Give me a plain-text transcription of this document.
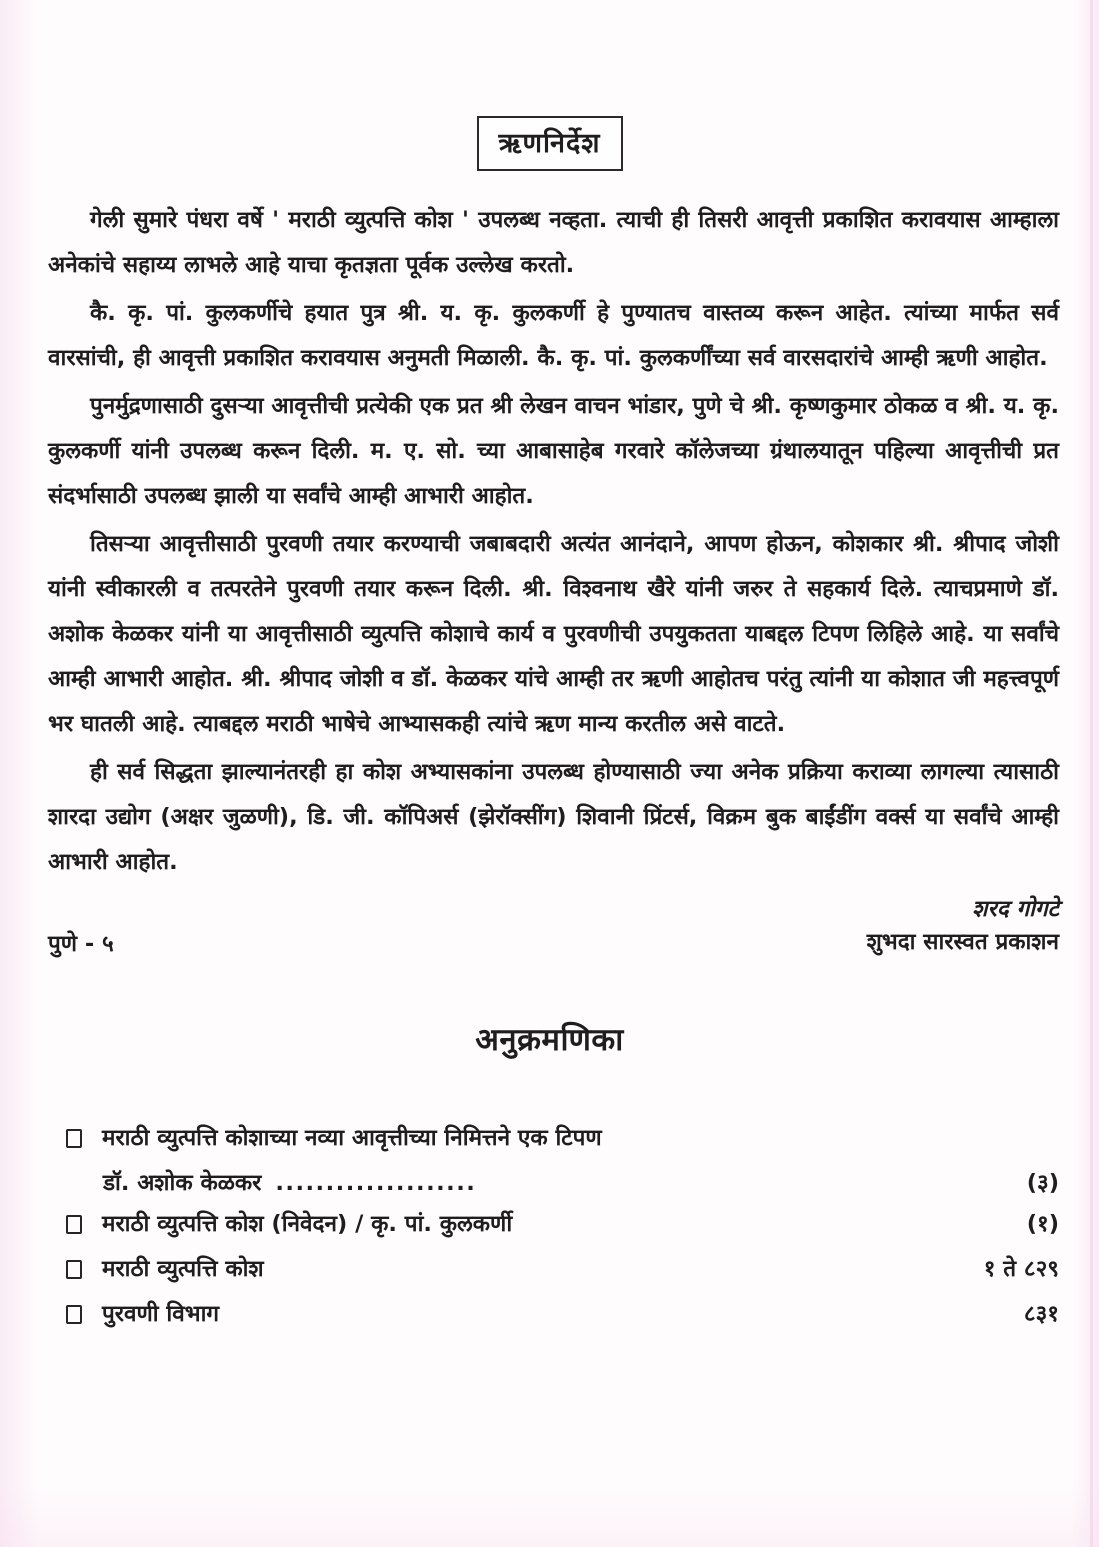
ऋणनिर्देश

गेली सुमारे पंधरा वर्षे ' मराठी व्युत्पत्ति कोश ' उपलब्ध नव्हता. त्याची ही तिसरी आवृत्ती प्रकाशित करावयास आम्हाला अनेकांचे सहाय्य लाभले आहे याचा कृतज्ञता पूर्वक उल्लेख करतो.

कै. कृ. पां. कुलकर्णीचे हयात पुत्र श्री. य. कृ. कुलकर्णी हे पुण्यातच वास्तव्य करून आहेत. त्यांच्या मार्फत सर्व वारसांची, ही आवृत्ती प्रकाशित करावयास अनुमती मिळाली. कै. कृ. पां. कुलकर्णींच्या सर्व वारसदारांचे आम्ही ऋणी आहोत.

पुनर्मुद्रणासाठी दुसऱ्या आवृत्तीची प्रत्येकी एक प्रत श्री लेखन वाचन भांडार, पुणे चे श्री. कृष्णकुमार ठोकळ व श्री. य. कृ. कुलकर्णी यांनी उपलब्ध करून दिली. म. ए. सो. च्या आबासाहेब गरवारे कॉलेजच्या ग्रंथालयातून पहिल्या आवृत्तीची प्रत संदर्भासाठी उपलब्ध झाली या सर्वांचे आम्ही आभारी आहोत.

तिसऱ्या आवृत्तीसाठी पुरवणी तयार करण्याची जबाबदारी अत्यंत आनंदाने, आपण होऊन, कोशकार श्री. श्रीपाद जोशी यांनी स्वीकारली व तत्परतेने पुरवणी तयार करून दिली. श्री. विश्वनाथ खैरे यांनी जरुर ते सहकार्य दिले. त्याचप्रमाणे डॉ. अशोक केळकर यांनी या आवृत्तीसाठी व्युत्पत्ति कोशाचे कार्य व पुरवणीची उपयुकतता याबद्दल टिपण लिहिले आहे. या सर्वांचे आम्ही आभारी आहोत. श्री. श्रीपाद जोशी व डॉ. केळकर यांचे आम्ही तर ऋणी आहोतच परंतु त्यांनी या कोशात जी महत्त्वपूर्ण भर घातली आहे. त्याबद्दल मराठी भाषेचे आभ्यासकही त्यांचे ऋण मान्य करतील असे वाटते.

ही सर्व सिद्धता झाल्यानंतरही हा कोश अभ्यासकांना उपलब्ध होण्यासाठी ज्या अनेक प्रक्रिया कराव्या लागल्या त्यासाठी शारदा उद्योग (अक्षर जुळणी), डि. जी. कॉपिअर्स (झेरॉक्सींग) शिवानी प्रिंटर्स, विक्रम बुक बाईंडींग वर्क्स या सर्वांचे आम्ही आभारी आहोत.

पुणे - ५
शरद गोगटे
शुभदा सारस्वत प्रकाशन
अनुक्रमणिका
मराठी व्युत्पत्ति कोशाच्या नव्या आवृत्तीच्या निमित्तने एक टिपण
डॉ. अशोक केळकर ....................	(३)
मराठी व्युत्पत्ति कोश (निवेदन) / कृ. पां. कुलकर्णी	(१)
मराठी व्युत्पत्ति कोश	१ ते ८२९
पुरवणी विभाग	८३१
